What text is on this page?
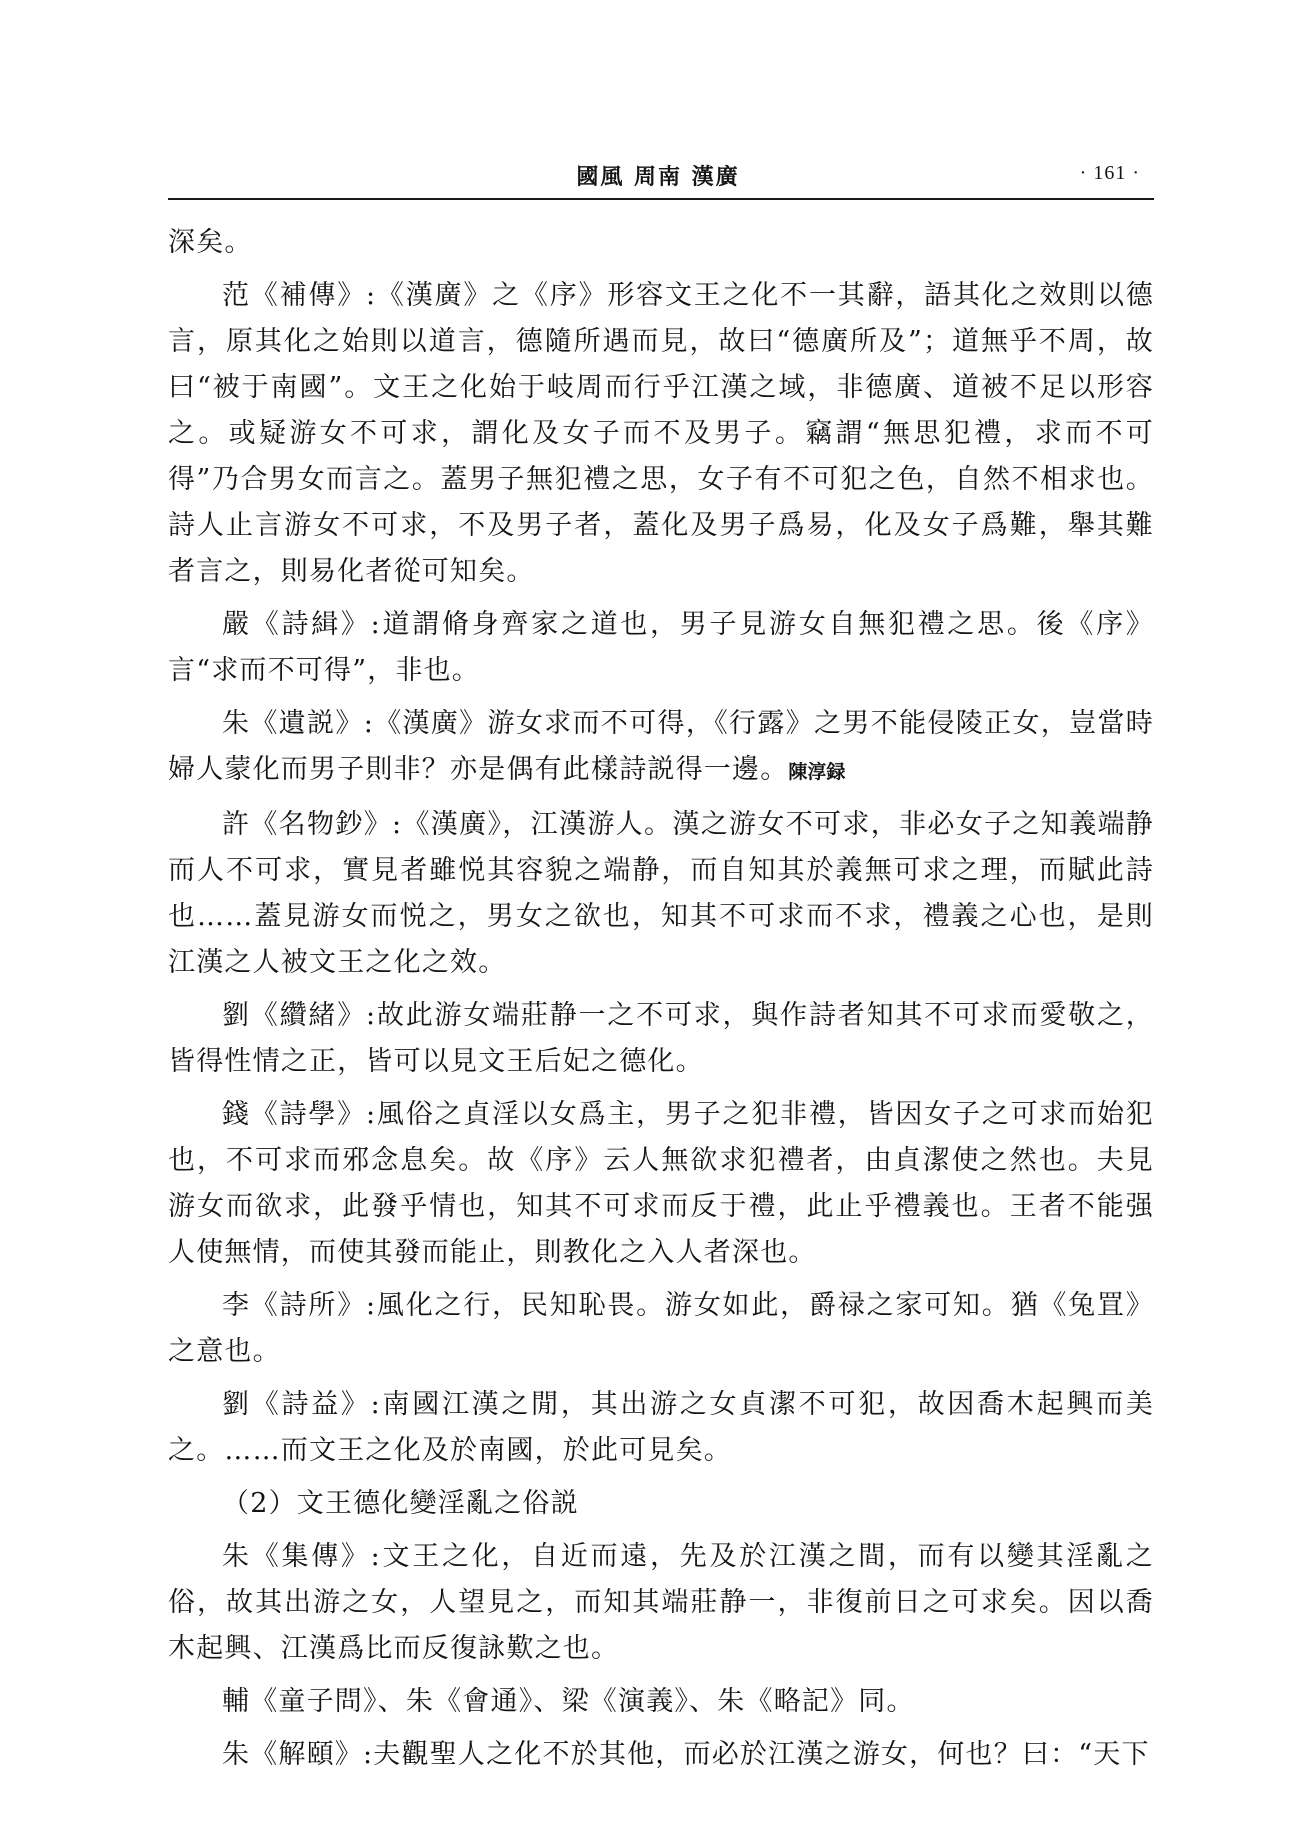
國風 周南 漢廣	· 161 ·

深矣。

范《補傳》:《漢廣》之《序》形容文王之化不一其辭，語其化之效則以德言，原其化之始則以道言，德隨所遇而見，故曰“德廣所及”；道無乎不周，故曰“被于南國”。文王之化始于岐周而行乎江漢之域，非德廣、道被不足以形容之。或疑游女不可求，謂化及女子而不及男子。竊謂“無思犯禮，求而不可得”乃合男女而言之。蓋男子無犯禮之思，女子有不可犯之色，自然不相求也。詩人止言游女不可求，不及男子者，蓋化及男子爲易，化及女子爲難，舉其難者言之，則易化者從可知矣。

嚴《詩緝》:道謂脩身齊家之道也，男子見游女自無犯禮之思。後《序》言“求而不可得”，非也。

朱《遺説》:《漢廣》游女求而不可得，《行露》之男不能侵陵正女，豈當時婦人蒙化而男子則非？亦是偶有此樣詩説得一邊。陳淳録

許《名物鈔》:《漢廣》，江漢游人。漢之游女不可求，非必女子之知義端静而人不可求，實見者雖悦其容貌之端静，而自知其於義無可求之理，而賦此詩也……蓋見游女而悦之，男女之欲也，知其不可求而不求，禮義之心也，是則江漢之人被文王之化之效。

劉《纘緒》:故此游女端莊静一之不可求，與作詩者知其不可求而愛敬之，皆得性情之正，皆可以見文王后妃之德化。

錢《詩學》:風俗之貞淫以女爲主，男子之犯非禮，皆因女子之可求而始犯也，不可求而邪念息矣。故《序》云人無欲求犯禮者，由貞潔使之然也。夫見游女而欲求，此發乎情也，知其不可求而反于禮，此止乎禮義也。王者不能强人使無情，而使其發而能止，則教化之入人者深也。

李《詩所》:風化之行，民知恥畏。游女如此，爵禄之家可知。猶《兔罝》之意也。

劉《詩益》:南國江漢之閒，其出游之女貞潔不可犯，故因喬木起興而美之。……而文王之化及於南國，於此可見矣。

（2）文王德化變淫亂之俗説

朱《集傳》:文王之化，自近而遠，先及於江漢之間，而有以變其淫亂之俗，故其出游之女，人望見之，而知其端莊静一，非復前日之可求矣。因以喬木起興、江漢爲比而反復詠歎之也。

輔《童子問》、朱《會通》、梁《演義》、朱《略記》同。

朱《解頤》:夫觀聖人之化不於其他，而必於江漢之游女，何也？曰：“天下
